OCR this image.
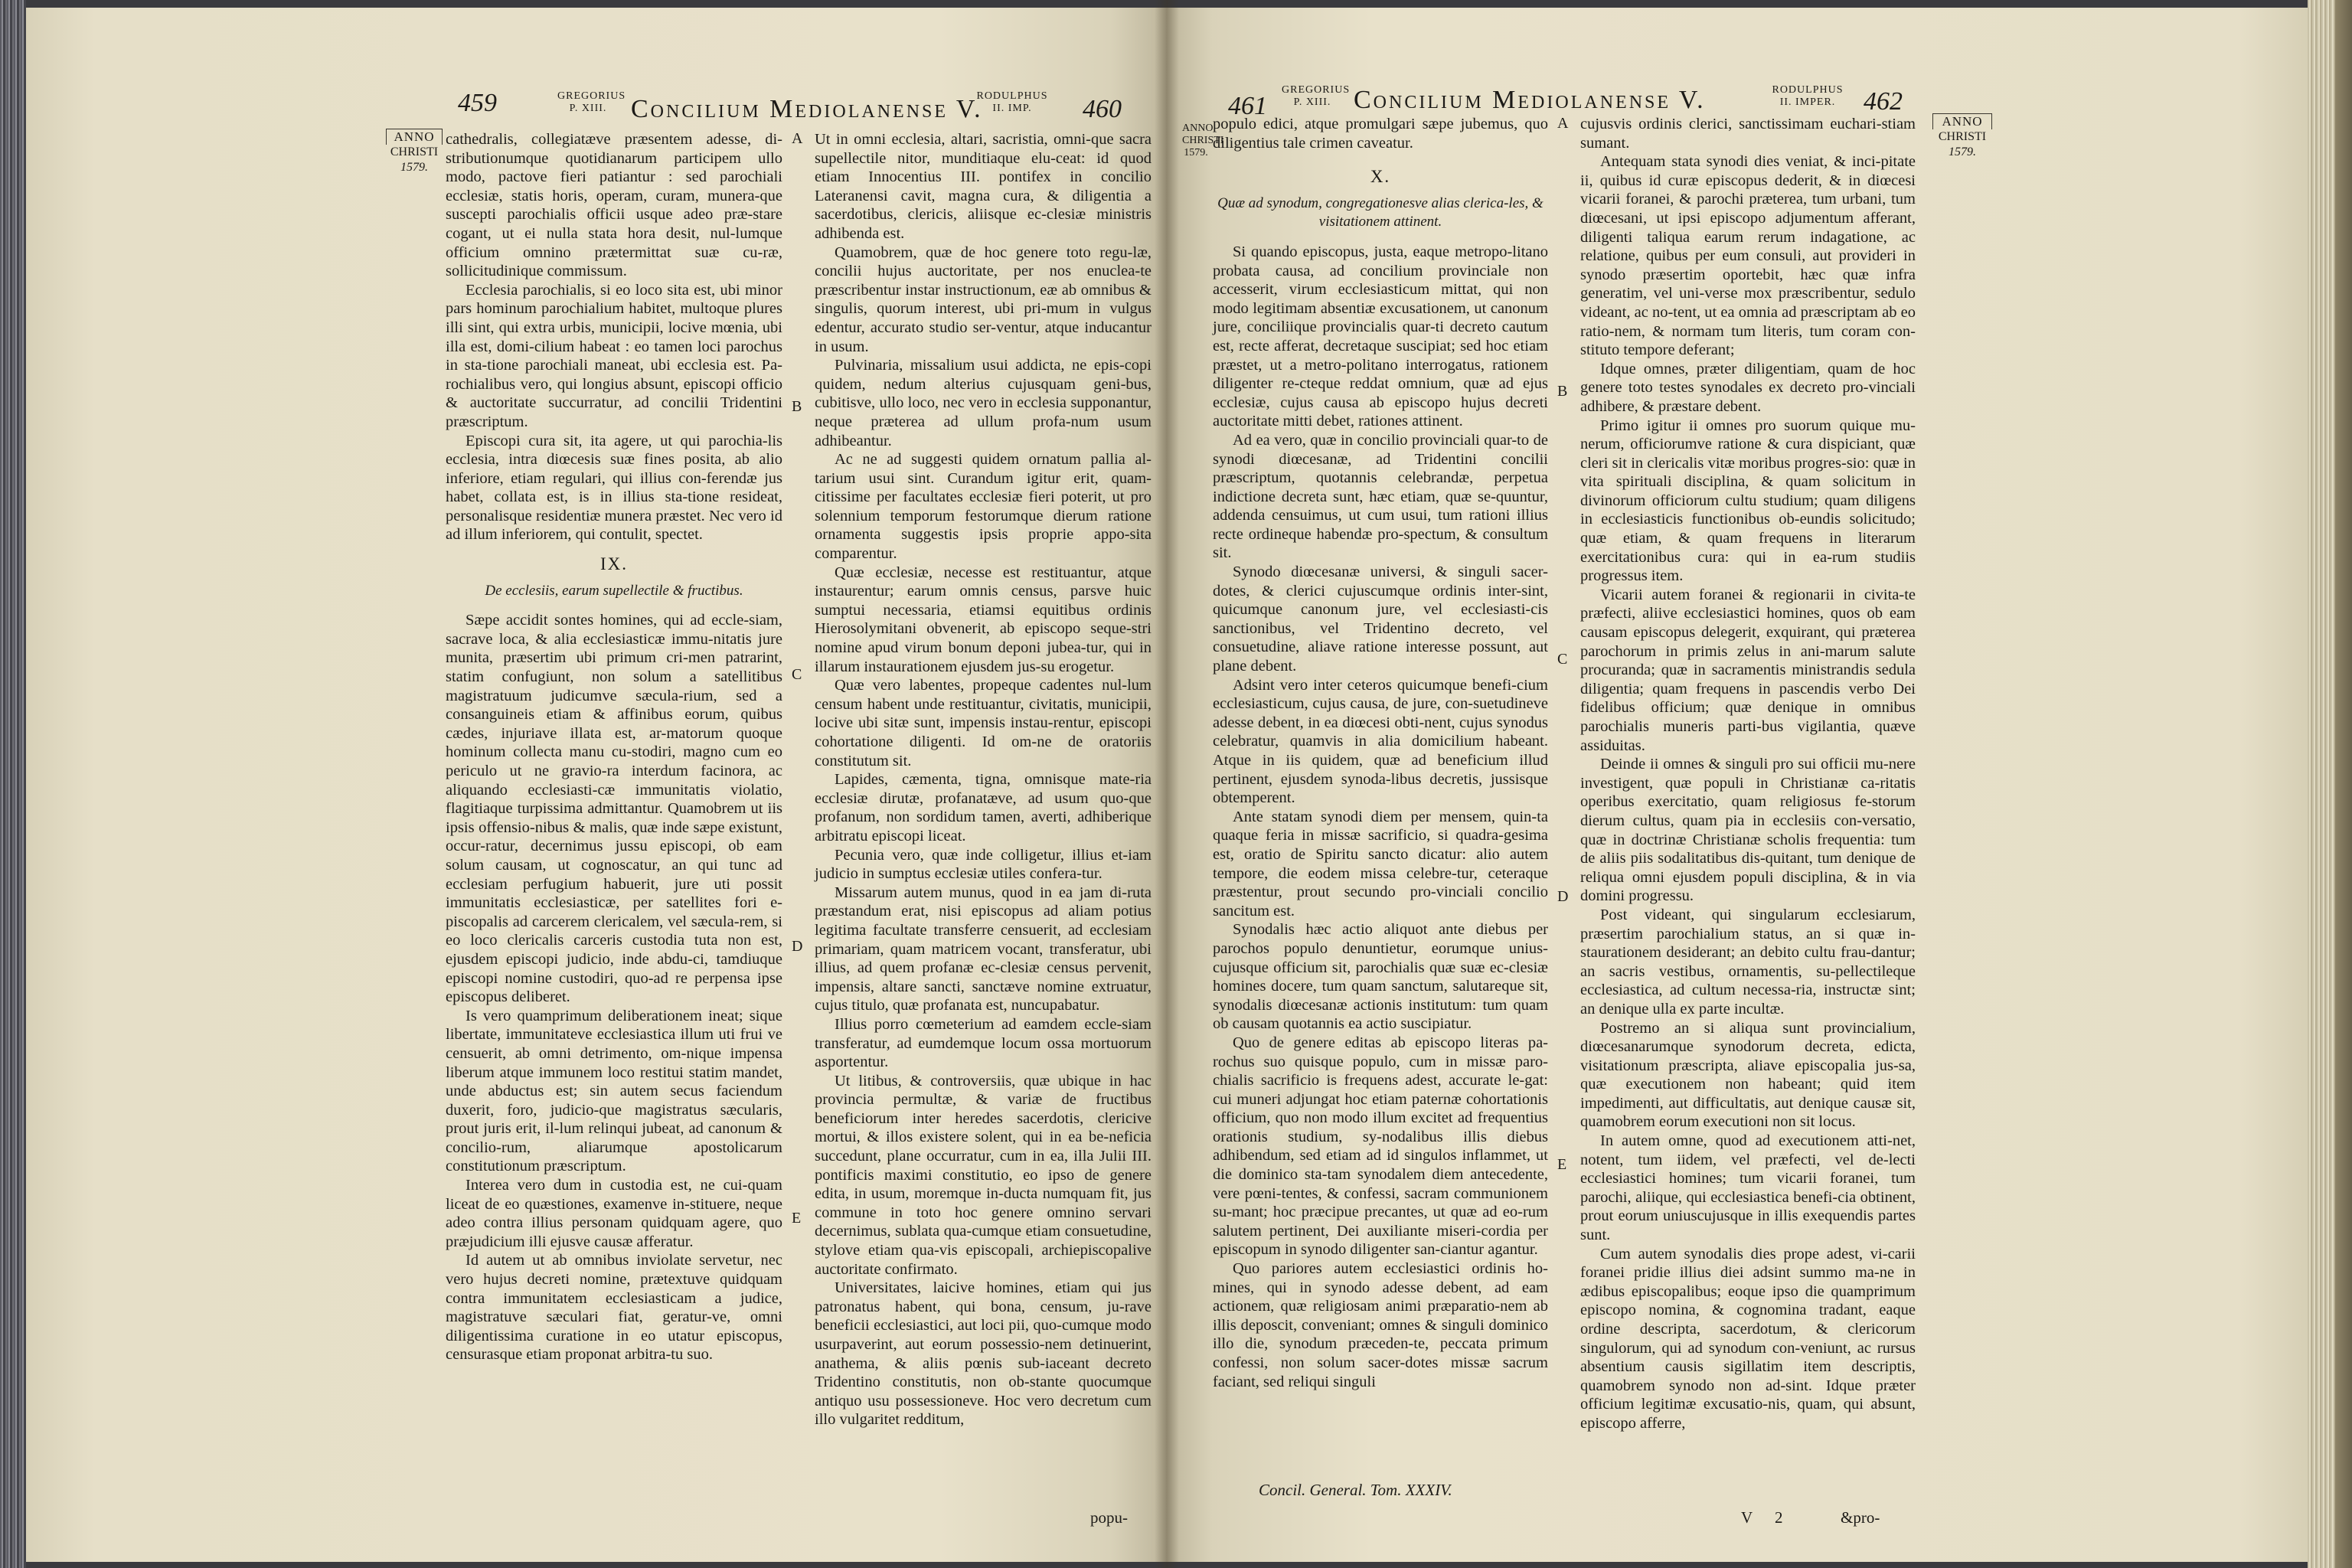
459	GREGORIUS P. XIII. Concilium Mediolanense V.
RODULPHUS II. IMP.	460
ANNO
CHRISTI
1579.

cathedralis, collegiatæve præsentem adesse, di-stributionumque quotidianarum participem ullo modo, pactove fieri patiantur : sed parochiali ecclesiæ, statis horis, operam, curam, munera-que suscepti parochialis officii usque adeo præ-stare cogant, ut ei nulla stata hora desit, nul-lumque officium omnino prætermittat suæ cu-ræ, sollicitudinique commissum.

Ecclesia parochialis, si eo loco sita est, ubi minor pars hominum parochialium habitet, multoque plures illi sint, qui extra urbis, municipii, locive mœnia, ubi illa est, domi-cilium habeat : eo tamen loci parochus in sta-tione parochiali maneat, ubi ecclesia est. Pa-rochialibus vero, qui longius absunt, episcopi officio & auctoritate succurratur, ad concilii Tridentini præscriptum.

Episcopi cura sit, ita agere, ut qui parochia-lis ecclesia, intra diœcesis suæ fines posita, ab alio inferiore, etiam regulari, qui illius con-ferendæ jus habet, collata est, is in illius sta-tione resideat, personalisque residentiæ munera præstet. Nec vero id ad illum inferiorem, qui contulit, spectet.

IX.
De ecclesiis, earum supellectile & fructibus.

Sæpe accidit sontes homines, qui ad eccle-siam, sacrave loca, & alia ecclesiasticæ immu-nitatis jure munita, præsertim ubi primum cri-men patrarint, statim confugiunt, non solum a satellitibus magistratuum judicumve sæcula-rium, sed a consanguineis etiam & affinibus eorum, quibus cædes, injuriave illata est, ar-matorum quoque hominum collecta manu cu-stodiri, magno cum eo periculo ut ne gravio-ra interdum facinora, ac aliquando ecclesiasti-cæ immunitatis violatio, flagitiaque turpissima admittantur. Quamobrem ut iis ipsis offensio-nibus & malis, quæ inde sæpe existunt, occur-ratur, decernimus jussu episcopi, ob eam solum causam, ut cognoscatur, an qui tunc ad ecclesiam perfugium habuerit, jure uti possit immunitatis ecclesiasticæ, per satellites fori e-piscopalis ad carcerem clericalem, vel sæcula-rem, si eo loco clericalis carceris custodia tuta non est, ejusdem episcopi judicio, inde abdu-ci, tamdiuque episcopi nomine custodiri, quo-ad re perpensa ipse episcopus deliberet.

Is vero quamprimum deliberationem ineat; sique libertate, immunitateve ecclesiastica illum uti frui ve censuerit, ab omni detrimento, om-nique impensa liberum atque immunem loco restitui statim mandet, unde abductus est; sin autem secus faciendum duxerit, foro, judicio-que magistratus sæcularis, prout juris erit, il-lum relinqui jubeat, ad canonum & concilio-rum, aliarumque apostolicarum constitutionum præscriptum.

Interea vero dum in custodia est, ne cui-quam liceat de eo quæstiones, examenve in-stituere, neque adeo contra illius personam quidquam agere, quo præjudicium illi ejusve causæ afferatur.

Id autem ut ab omnibus inviolate servetur, nec vero hujus decreti nomine, prætextuve quidquam contra immunitatem ecclesiasticam a judice, magistratuve sæculari fiat, geratur-ve, omni diligentissima curatione in eo utatur episcopus, censurasque etiam proponat arbitra-tu suo.

A
B
C
D
E

Ut in omni ecclesia, altari, sacristia, omni-que sacra supellectile nitor, munditiaque elu-ceat: id quod etiam Innocentius III. pontifex in concilio Lateranensi cavit, magna cura, & diligentia a sacerdotibus, clericis, aliisque ec-clesiæ ministris adhibenda est.

Quamobrem, quæ de hoc genere toto regu-læ, concilii hujus auctoritate, per nos enuclea-te præscribentur instar instructionum, eæ ab omnibus & singulis, quorum interest, ubi pri-mum in vulgus edentur, accurato studio ser-ventur, atque inducantur in usum.

Pulvinaria, missalium usui addicta, ne epis-copi quidem, nedum alterius cujusquam geni-bus, cubitisve, ullo loco, nec vero in ecclesia supponantur, neque præterea ad ullum profa-num usum adhibeantur.

Ac ne ad suggesti quidem ornatum pallia al-tarium usui sint. Curandum igitur erit, quam-citissime per facultates ecclesiæ fieri poterit, ut pro solennium temporum festorumque dierum ratione ornamenta suggestis ipsis proprie appo-sita comparentur.

Quæ ecclesiæ, necesse est restituantur, atque instaurentur; earum omnis census, parsve huic sumptui necessaria, etiamsi equitibus ordinis Hierosolymitani obvenerit, ab episcopo seque-stri nomine apud virum bonum deponi jubea-tur, qui in illarum instaurationem ejusdem jus-su erogetur.

Quæ vero labentes, propeque cadentes nul-lum censum habent unde restituantur, civitatis, municipii, locive ubi sitæ sunt, impensis instau-rentur, episcopi cohortatione diligenti. Id om-ne de oratoriis constitutum sit.

Lapides, cæmenta, tigna, omnisque mate-ria ecclesiæ dirutæ, profanatæve, ad usum quo-que profanum, non sordidum tamen, averti, adhiberique arbitratu episcopi liceat.

Pecunia vero, quæ inde colligetur, illius et-iam judicio in sumptus ecclesiæ utiles confera-tur.

Missarum autem munus, quod in ea jam di-ruta præstandum erat, nisi episcopus ad aliam potius legitima facultate transferre censuerit, ad ecclesiam primariam, quam matricem vocant, transferatur, ubi illius, ad quem profanæ ec-clesiæ census pervenit, impensis, altare sancti, sanctæve nomine extruatur, cujus titulo, quæ profanata est, nuncupabatur.

Illius porro cœmeterium ad eamdem eccle-siam transferatur, ad eumdemque locum ossa mortuorum asportentur.

Ut litibus, & controversiis, quæ ubique in hac provincia permultæ, & variæ de fructibus beneficiorum inter heredes sacerdotis, clericive mortui, & illos existere solent, qui in ea be-neficia succedunt, plane occurratur, cum in ea, illa Julii III. pontificis maximi constitutio, eo ipso de genere edita, in usum, moremque in-ducta numquam fit, jus commune in toto hoc genere omnino servari decernimus, sublata qua-cumque etiam consuetudine, stylove etiam qua-vis episcopali, archiepiscopalive auctoritate confirmato.

Universitates, laicive homines, etiam qui jus patronatus habent, qui bona, censum, ju-rave beneficii ecclesiastici, aut loci pii, quo-cumque modo usurpaverint, aut eorum possessio-nem detinuerint, anathema, & aliis pœnis sub-iaceant decreto Tridentino constitutis, non ob-stante quocumque antiquo usu possessioneve. Hoc vero decretum cum illo vulgaritet redditum,

popu-
461
GREGORIUS P. XIII. Concilium Mediolanense V.	RODULPHUS II. IMPER.	462
ANNO CHRISTI 1579.

populo edici, atque promulgari sæpe jubemus, quo diligentius tale crimen caveatur.

X.
Quæ ad synodum, congregationesve alias clerica-les, & visitationem attinent.

Si quando episcopus, justa, eaque metropo-litano probata causa, ad concilium provinciale non accesserit, virum ecclesiasticum mittat, qui non modo legitimam absentiæ excusationem, ut canonum jure, conciliique provincialis quar-ti decreto cautum est, recte afferat, decretaque suscipiat; sed hoc etiam præstet, ut a metro-politano interrogatus, rationem diligenter re-cteque reddat omnium, quæ ad ejus ecclesiæ, cujus causa ab episcopo hujus decreti auctoritate mitti debet, rationes attinent.

Ad ea vero, quæ in concilio provinciali quar-to de synodi diœcesanæ, ad Tridentini concilii præscriptum, quotannis celebrandæ, perpetua indictione decreta sunt, hæc etiam, quæ se-quuntur, addenda censuimus, ut cum usui, tum rationi illius recte ordineque habendæ pro-spectum, & consultum sit.

Synodo diœcesanæ universi, & singuli sacer-dotes, & clerici cujuscumque ordinis inter-sint, quicumque canonum jure, vel ecclesiasti-cis sanctionibus, vel Tridentino decreto, vel consuetudine, aliave ratione interesse possunt, aut plane debent.

Adsint vero inter ceteros quicumque benefi-cium ecclesiasticum, cujus causa, de jure, con-suetudineve adesse debent, in ea diœcesi obti-nent, cujus synodus celebratur, quamvis in alia domicilium habeant. Atque in iis quidem, quæ ad beneficium illud pertinent, ejusdem synoda-libus decretis, jussisque obtemperent.

Ante statam synodi diem per mensem, quin-ta quaque feria in missæ sacrificio, si quadra-gesima est, oratio de Spiritu sancto dicatur: alio autem tempore, die eodem missa celebre-tur, ceteraque præstentur, prout secundo pro-vinciali concilio sancitum est.

Synodalis hæc actio aliquot ante diebus per parochos populo denuntietur, eorumque unius-cujusque officium sit, parochialis quæ suæ ec-clesiæ homines docere, tum quam sanctum, salutareque sit, synodalis diœcesanæ actionis institutum: tum quam ob causam quotannis ea actio suscipiatur.

Quo de genere editas ab episcopo literas pa-rochus suo quisque populo, cum in missæ paro-chialis sacrificio is frequens adest, accurate le-gat: cui muneri adjungat hoc etiam paternæ cohortationis officium, quo non modo illum excitet ad frequentius orationis studium, sy-nodalibus illis diebus adhibendum, sed etiam ad id singulos inflammet, ut die dominico sta-tam synodalem diem antecedente, vere pœni-tentes, & confessi, sacram communionem su-mant; hoc præcipue precantes, ut quæ ad eo-rum salutem pertinent, Dei auxiliante miseri-cordia per episcopum in synodo diligenter san-ciantur agantur.

Quo pariores autem ecclesiastici ordinis ho-mines, qui in synodo adesse debent, ad eam actionem, quæ religiosam animi præparatio-nem ab illis deposcit, conveniant; omnes & singuli dominico illo die, synodum præceden-te, peccata primum confessi, non solum sacer-dotes missæ sacrum faciant, sed reliqui singuli

A
B
C
D
E

cujusvis ordinis clerici, sanctissimam euchari-stiam sumant.

Antequam stata synodi dies veniat, & inci-pitate ii, quibus id curæ episcopus dederit, & in diœcesi vicarii foranei, & parochi præterea, tum urbani, tum diœcesani, ut ipsi episcopo adjumentum afferant, diligenti taliqua earum rerum indagatione, ac relatione, quibus per eum consuli, aut provideri in synodo præsertim oportebit, hæc quæ infra generatim, vel uni-verse mox præscribentur, sedulo videant, ac no-tent, ut ea omnia ad præscriptam ab eo ratio-nem, & normam tum literis, tum coram con-stituto tempore deferant;

Idque omnes, præter diligentiam, quam de hoc genere toto testes synodales ex decreto pro-vinciali adhibere, & præstare debent.

Primo igitur ii omnes pro suorum quique mu-nerum, officiorumve ratione & cura dispiciant, quæ cleri sit in clericalis vitæ moribus progres-sio: quæ in vita spirituali disciplina, & quam solicitum in divinorum officiorum cultu studium; quam diligens in ecclesiasticis functionibus ob-eundis solicitudo; quæ etiam, & quam frequens in literarum exercitationibus cura: qui in ea-rum studiis progressus item.

Vicarii autem foranei & regionarii in civita-te præfecti, aliive ecclesiastici homines, quos ob eam causam episcopus delegerit, exquirant, qui præterea parochorum in primis zelus in ani-marum salute procuranda; quæ in sacramentis ministrandis sedula diligentia; quam frequens in pascendis verbo Dei fidelibus officium; quæ denique in omnibus parochialis muneris parti-bus vigilantia, quæve assiduitas.

Deinde ii omnes & singuli pro sui officii mu-nere investigent, quæ populi in Christianæ ca-ritatis operibus exercitatio, quam religiosus fe-storum dierum cultus, quam pia in ecclesiis con-versatio, quæ in doctrinæ Christianæ scholis frequentia: tum de aliis piis sodalitatibus dis-quitant, tum denique de reliqua omni ejusdem populi disciplina, & in via domini progressu.

Post videant, qui singularum ecclesiarum, præsertim parochialium status, an si quæ in-staurationem desiderant; an debito cultu frau-dantur; an sacris vestibus, ornamentis, su-pellectileque ecclesiastica, ad cultum necessa-ria, instructæ sint; an denique ulla ex parte incultæ.

Postremo an si aliqua sunt provincialium, diœcesanarumque synodorum decreta, edicta, visitationum præscripta, aliave episcopalia jus-sa, quæ executionem non habeant; quid item impedimenti, aut difficultatis, aut denique causæ sit, quamobrem eorum executioni non sit locus.

In autem omne, quod ad executionem atti-net, notent, tum iidem, vel præfecti, vel de-lecti ecclesiastici homines; tum vicarii foranei, tum parochi, aliique, qui ecclesiastica benefi-cia obtinent, prout eorum uniuscujusque in illis exequendis partes sunt.

Cum autem synodalis dies prope adest, vi-carii foranei pridie illius diei adsint summo ma-ne in ædibus episcopalibus; eoque ipso die quamprimum episcopo nomina, & cognomina tradant, eaque ordine descripta, sacerdotum, & clericorum singulorum, qui ad synodum con-veniunt, ac rursus absentium causis sigillatim item descriptis, quamobrem synodo non ad-sint. Idque præter officium legitimæ excusatio-nis, quam, qui absunt, episcopo afferre,

ANNO
CHRISTI
1579.
Concil. General. Tom. XXXIV.
V 2	&pro-
